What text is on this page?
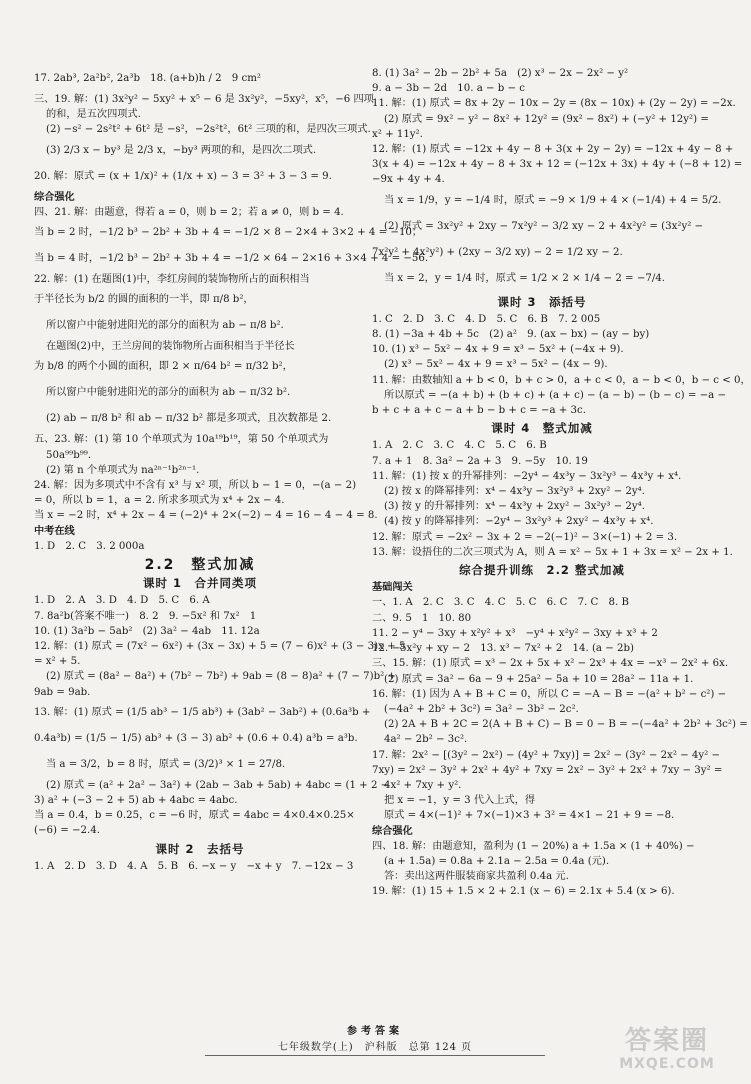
17. 2ab³, 2a²b², 2a³b　18. (a+b)h / 2　9 cm²
三、19. 解：(1) 3x²y² − 5xy² + x⁵ − 6 是 3x²y²，−5xy²，x⁵，−6 四项
的和，是五次四项式.
(2) −s² − 2s²t² + 6t² 是 −s²，−2s²t²，6t² 三项的和，是四次三项式.
(3) 2/3 x − by³ 是 2/3 x，−by³ 两项的和，是四次二项式.
20. 解：原式 = (x + 1/x)² + (1/x + x) − 3 = 3² + 3 − 3 = 9.
综合强化
四、21. 解：由题意，得若 a = 0，则 b = 2；若 a ≠ 0，则 b = 4.
当 b = 2 时，−1/2 b³ − 2b² + 3b + 4 = −1/2 × 8 − 2×4 + 3×2 + 4 = −10；
当 b = 4 时，−1/2 b³ − 2b² + 3b + 4 = −1/2 × 64 − 2×16 + 3×4 + 4 = −56.
22. 解：(1) 在题图(1)中，李红房间的装饰物所占的面积相当
于半径长为 b/2 的圆的面积的一半，即 π/8 b²，
所以窗户中能射进阳光的部分的面积为 ab − π/8 b².
在题图(2)中，王兰房间的装饰物所占面积相当于半径长
为 b/8 的两个小圆的面积，即 2 × π/64 b² = π/32 b²，
所以窗户中能射进阳光的部分的面积为 ab − π/32 b².
(2) ab − π/8 b² 和 ab − π/32 b² 都是多项式，且次数都是 2.
五、23. 解：(1) 第 10 个单项式为 10a¹⁹b¹⁹，第 50 个单项式为
50a⁹⁹b⁹⁹.
(2) 第 n 个单项式为 na²ⁿ⁻¹b²ⁿ⁻¹.
24. 解：因为多项式中不含有 x³ 与 x² 项，所以 b − 1 = 0，−(a − 2)
= 0，所以 b = 1，a = 2. 所求多项式为 x⁴ + 2x − 4.
当 x = −2 时，x⁴ + 2x − 4 = (−2)⁴ + 2×(−2) − 4 = 16 − 4 − 4 = 8.
中考在线
1. D　2. C　3. 2 000a
2.2　整式加减
课时 1　合并同类项
1. D　2. A　3. D　4. D　5. C　6. A
7. 8a²b(答案不唯一)　8. 2　9. −5x² 和 7x²　1
10. (1) 3a²b − 5ab²　(2) 3a² − 4ab　11. 12a
12. 解：(1) 原式 = (7x² − 6x²) + (3x − 3x) + 5 = (7 − 6)x² + (3 − 3)x + 5
= x² + 5.
(2) 原式 = (8a² − 8a²) + (7b² − 7b²) + 9ab = (8 − 8)a² + (7 − 7)b² +
9ab = 9ab.
13. 解：(1) 原式 = (1/5 ab³ − 1/5 ab³) + (3ab² − 3ab²) + (0.6a³b +
0.4a³b) = (1/5 − 1/5) ab³ + (3 − 3) ab² + (0.6 + 0.4) a³b = a³b.
当 a = 3/2，b = 8 时，原式 = (3/2)³ × 1 = 27/8.
(2) 原式 = (a² + 2a² − 3a²) + (2ab − 3ab + 5ab) + 4abc = (1 + 2 −
3) a² + (−3 − 2 + 5) ab + 4abc = 4abc.
当 a = 0.4，b = 0.25，c = −6 时，原式 = 4abc = 4×0.4×0.25×
(−6) = −2.4.
课时 2　去括号
1. A　2. D　3. D　4. A　5. B　6. −x − y　−x + y　7. −12x − 3
8. (1) 3a² − 2b − 2b² + 5a　(2) x³ − 2x − 2x² − y²
9. a − 3b − 2d　10. a − b − c
11. 解：(1) 原式 = 8x + 2y − 10x − 2y = (8x − 10x) + (2y − 2y) = −2x.
(2) 原式 = 9x² − y² − 8x² + 12y² = (9x² − 8x²) + (−y² + 12y²) =
x² + 11y².
12. 解：(1) 原式 = −12x + 4y − 8 + 3(x + 2y − 2y) = −12x + 4y − 8 +
3(x + 4) = −12x + 4y − 8 + 3x + 12 = (−12x + 3x) + 4y + (−8 + 12) =
−9x + 4y + 4.
当 x = 1/9，y = −1/4 时，原式 = −9 × 1/9 + 4 × (−1/4) + 4 = 5/2.
(2) 原式 = 3x²y² + 2xy − 7x²y² − 3/2 xy − 2 + 4x²y² = (3x²y² −
7x²y² + 4x²y²) + (2xy − 3/2 xy) − 2 = 1/2 xy − 2.
当 x = 2，y = 1/4 时，原式 = 1/2 × 2 × 1/4 − 2 = −7/4.
课时 3　添括号
1. C　2. D　3. C　4. D　5. C　6. B　7. 2 005
8. (1) −3a + 4b + 5c　(2) a²　9. (ax − bx) − (ay − by)
10. (1) x³ − 5x² − 4x + 9 = x³ − 5x² + (−4x + 9).
(2) x³ − 5x² − 4x + 9 = x³ − 5x² − (4x − 9).
11. 解：由数轴知 a + b < 0，b + c > 0，a + c < 0，a − b < 0，b − c < 0，
所以原式 = −(a + b) + (b + c) + (a + c) − (a − b) − (b − c) = −a −
b + c + a + c − a + b − b + c = −a + 3c.
课时 4　整式加减
1. A　2. C　3. C　4. C　5. C　6. B
7. a + 1　8. 3a² − 2a + 3　9. −5y　10. 19
11. 解：(1) 按 x 的升幂排列：−2y⁴ − 4x³y − 3x²y³ − 4x³y + x⁴.
(2) 按 x 的降幂排列：x⁴ − 4x³y − 3x²y³ + 2xy² − 2y⁴.
(3) 按 y 的升幂排列：x⁴ − 4x³y + 2xy² − 3x²y³ − 2y⁴.
(4) 按 y 的降幂排列：−2y⁴ − 3x²y³ + 2xy² − 4x³y + x⁴.
12. 解：原式 = −2x² − 3x + 2 = −2(−1)² − 3×(−1) + 2 = 3.
13. 解：设捂住的二次三项式为 A，则 A = x² − 5x + 1 + 3x = x² − 2x + 1.
综合提升训练　2.2 整式加减
基础闯关
一、1. A　2. C　3. C　4. C　5. C　6. C　7. C　8. B
二、9. 5　1　10. 80
11. 2 − y⁴ − 3xy + x²y² + x³　−y⁴ + x²y² − 3xy + x³ + 2
12. −5x²y + xy − 2　13. x³ − 7x² + 2　14. (a − 2b)
三、15. 解：(1) 原式 = x³ − 2x + 5x + x² − 2x³ + 4x = −x³ − 2x² + 6x.
(2) 原式 = 3a² − 6a − 9 + 25a² − 5a + 10 = 28a² − 11a + 1.
16. 解：(1) 因为 A + B + C = 0，所以 C = −A − B = −(a² + b² − c²) −
(−4a² + 2b² + 3c²) = 3a² − 3b² − 2c².
(2) 2A + B + 2C = 2(A + B + C) − B = 0 − B = −(−4a² + 2b² + 3c²) =
4a² − 2b² − 3c².
17. 解：2x² − [(3y² − 2x²) − (4y² + 7xy)] = 2x² − (3y² − 2x² − 4y² −
7xy) = 2x² − 3y² + 2x² + 4y² + 7xy = 2x² − 3y² + 2x² + 7xy − 3y² =
4x² + 7xy + y².
把 x = −1，y = 3 代入上式，得
原式 = 4×(−1)² + 7×(−1)×3 + 3² = 4×1 − 21 + 9 = −8.
综合强化
四、18. 解：由题意知，盈利为 (1 − 20%) a + 1.5a × (1 + 40%) −
(a + 1.5a) = 0.8a + 2.1a − 2.5a = 0.4a (元).
答：卖出这两件服装商家共盈利 0.4a 元.
19. 解：(1) 15 + 1.5 × 2 + 2.1 (x − 6) = 2.1x + 5.4 (x > 6).
参考答案
七年级数学(上)　沪科版　总第 124 页	答案圈
MXQE.COM
